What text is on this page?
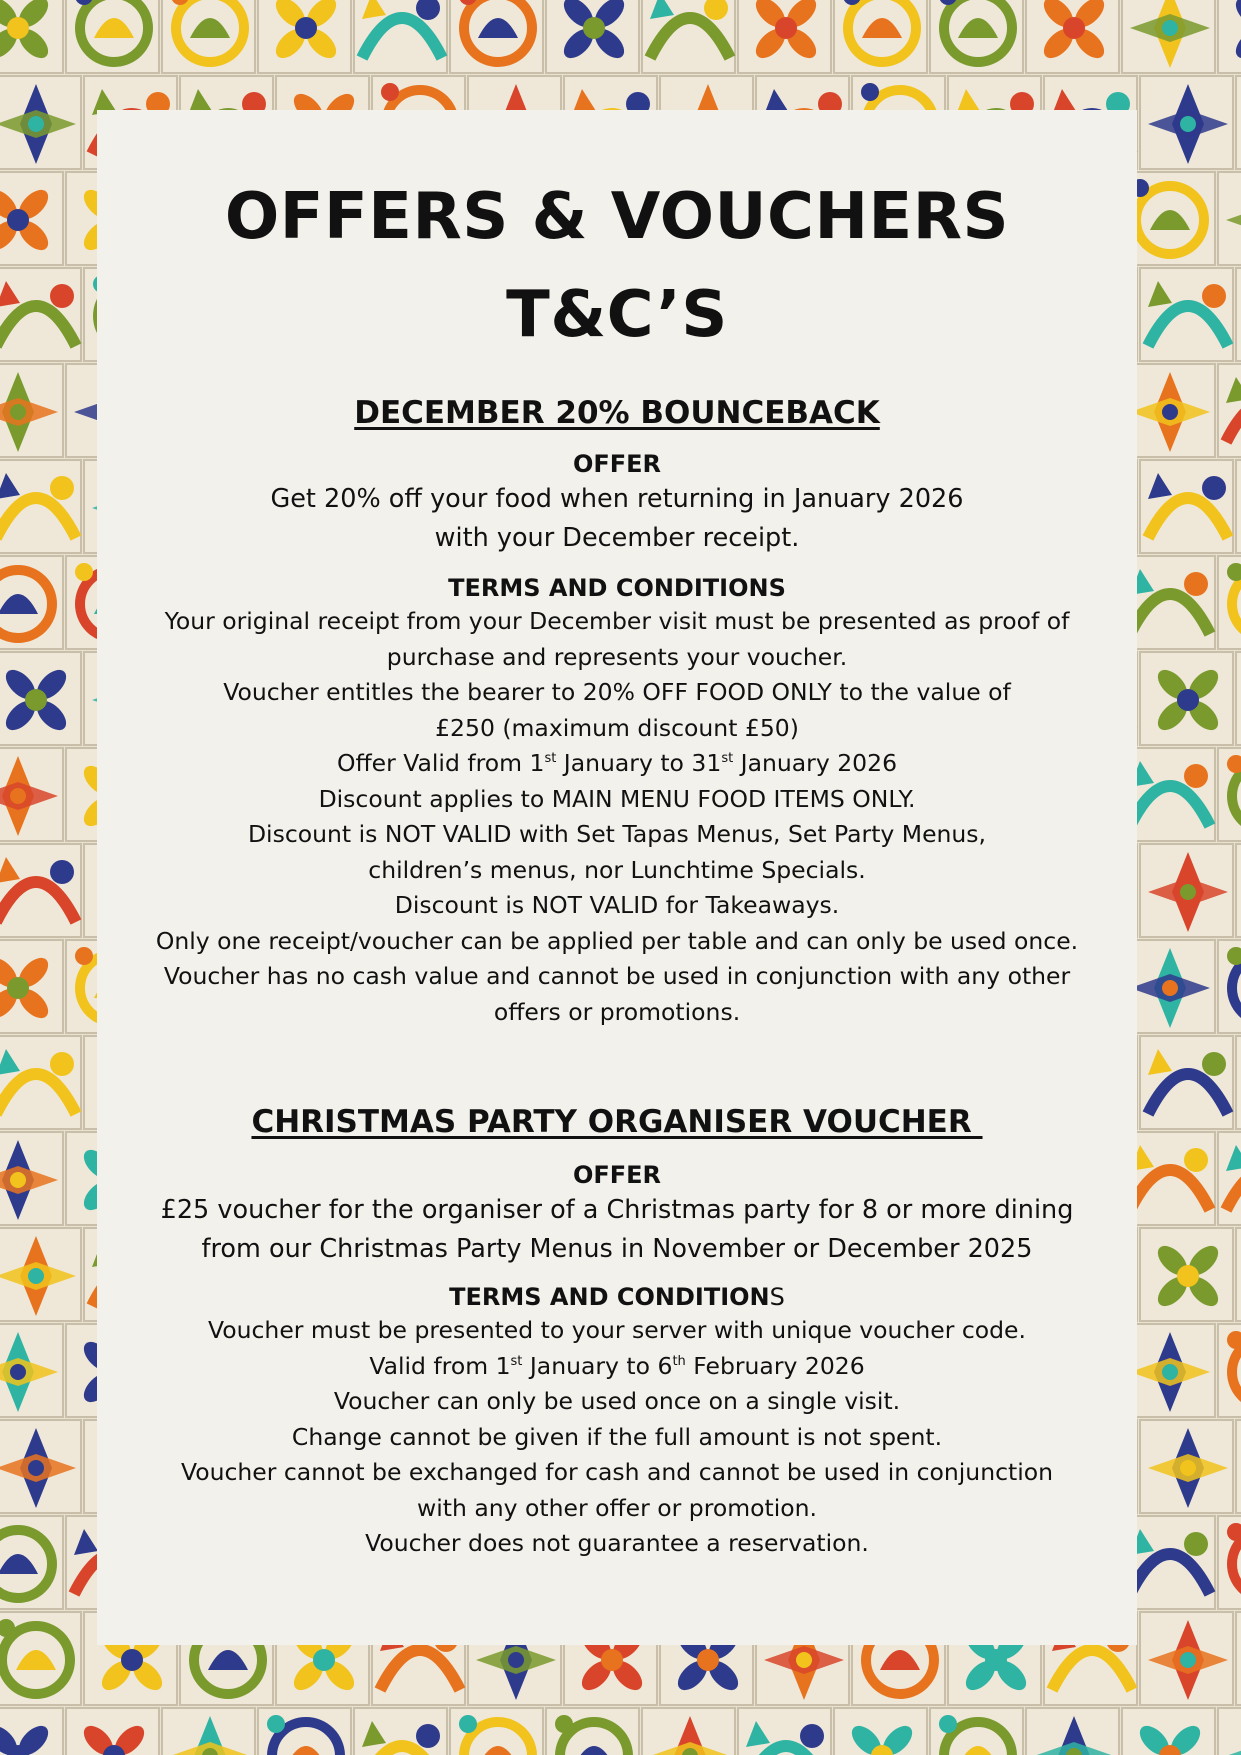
OFFERS & VOUCHERS
T&C’S
DECEMBER 20% BOUNCEBACK

OFFER

Get 20% off your food when returning in January 2026

with your December receipt.

TERMS AND CONDITIONS

Your original receipt from your December visit must be presented as proof of

purchase and represents your voucher.

Voucher entitles the bearer to 20% OFF FOOD ONLY to the value of

£250 (maximum discount £50)

Offer Valid from 1st January to 31st January 2026

Discount applies to MAIN MENU FOOD ITEMS ONLY.

Discount is NOT VALID with Set Tapas Menus, Set Party Menus,

children’s menus, nor Lunchtime Specials.

Discount is NOT VALID for Takeaways.

Only one receipt/voucher can be applied per table and can only be used once.

Voucher has no cash value and cannot be used in conjunction with any other

offers or promotions.

CHRISTMAS PARTY ORGANISER VOUCHER

OFFER

£25 voucher for the organiser of a Christmas party for 8 or more dining

from our Christmas Party Menus in November or December 2025

TERMS AND CONDITIONS

Voucher must be presented to your server with unique voucher code.

Valid from 1st January to 6th February 2026

Voucher can only be used once on a single visit.

Change cannot be given if the full amount is not spent.

Voucher cannot be exchanged for cash and cannot be used in conjunction

with any other offer or promotion.

Voucher does not guarantee a reservation.
